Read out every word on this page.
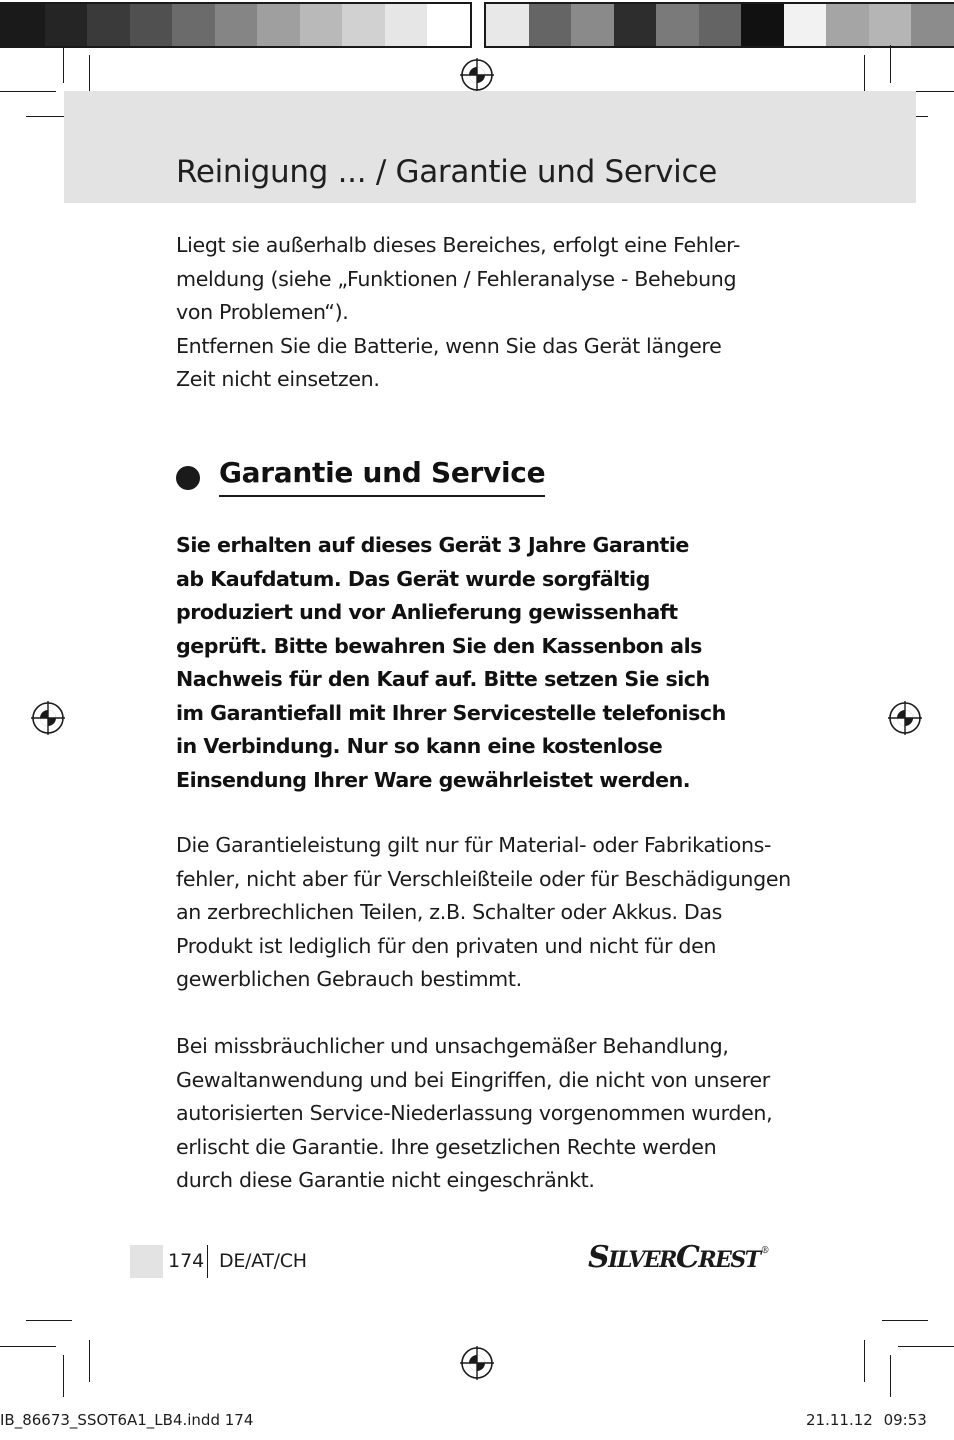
Reinigung ... / Garantie und Service
Liegt sie außerhalb dieses Bereiches, erfolgt eine Fehler-
meldung (siehe „Funktionen / Fehleranalyse - Behebung
von Problemen“).
Entfernen Sie die Batterie, wenn Sie das Gerät längere
Zeit nicht einsetzen.
Garantie und Service
Sie erhalten auf dieses Gerät 3 Jahre Garantie
ab Kaufdatum. Das Gerät wurde sorgfältig
produziert und vor Anlieferung gewissenhaft
geprüft. Bitte bewahren Sie den Kassenbon als
Nachweis für den Kauf auf. Bitte setzen Sie sich
im Garantiefall mit Ihrer Servicestelle telefonisch
in Verbindung. Nur so kann eine kostenlose
Einsendung Ihrer Ware gewährleistet werden.
Die Garantieleistung gilt nur für Material- oder Fabrikations-
fehler, nicht aber für Verschleißteile oder für Beschädigungen
an zerbrechlichen Teilen, z.B. Schalter oder Akkus. Das
Produkt ist lediglich für den privaten und nicht für den
gewerblichen Gebrauch bestimmt.
Bei missbräuchlicher und unsachgemäßer Behandlung,
Gewaltanwendung und bei Eingriffen, die nicht von unserer
autorisierten Service-Niederlassung vorgenommen wurden,
erlischt die Garantie. Ihre gesetzlichen Rechte werden
durch diese Garantie nicht eingeschränkt.
174 DE/AT/CH	SILVERCREST®
IB_86673_SSOT6A1_LB4.indd 174	21.11.12 09:53
